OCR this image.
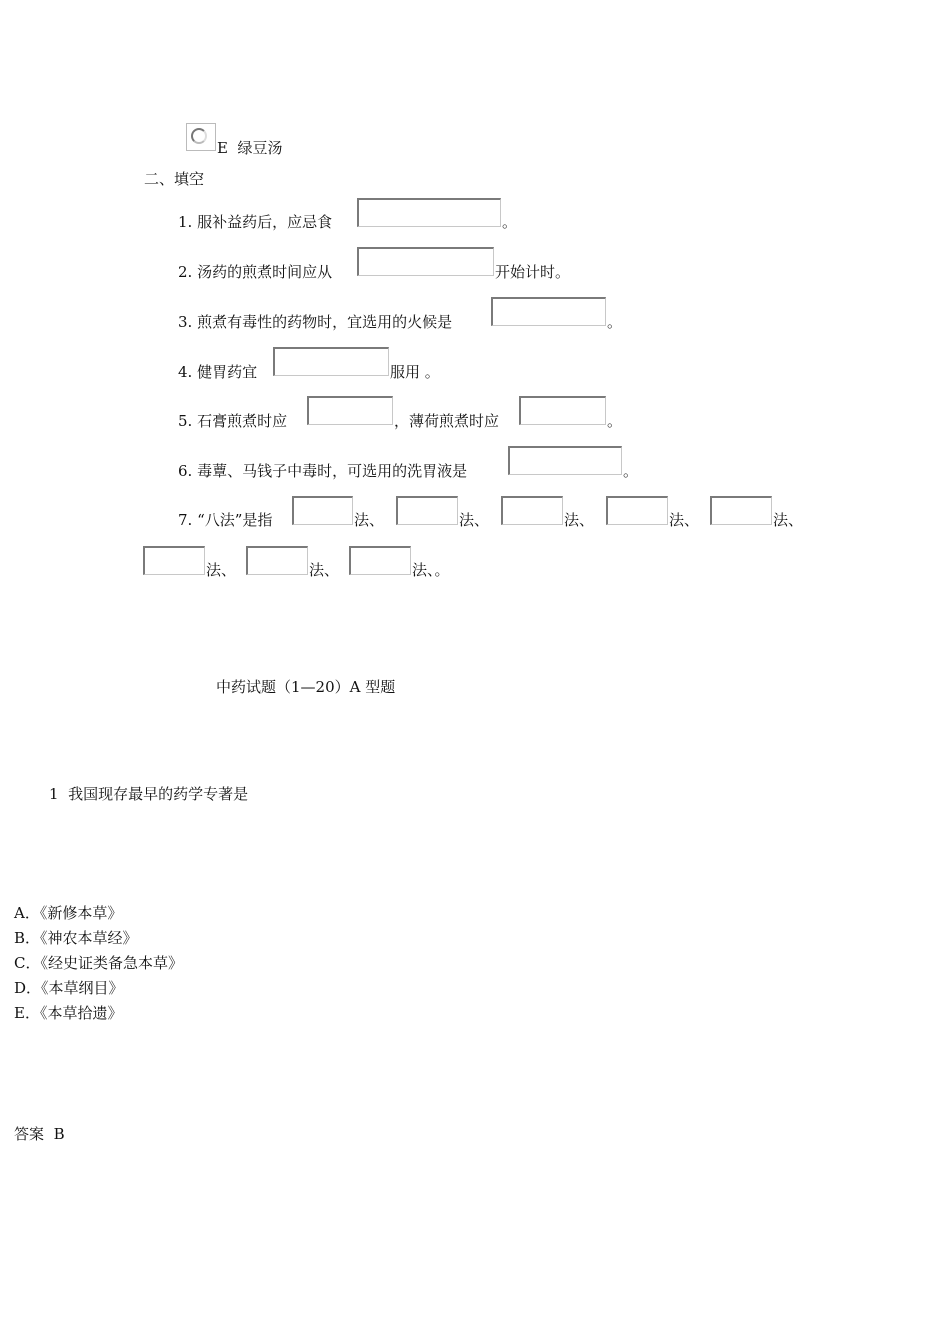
E 绿豆汤
二、填空
1. 服补益药后，应忌食	。
2. 汤药的煎煮时间应从	开始计时。
3. 煎煮有毒性的药物时，宜选用的火候是	。
4. 健胃药宜	服用 。
5. 石膏煎煮时应	，薄荷煎煮时应	。
6. 毒蕈、马钱子中毒时，可选用的洗胃液是	。
7. “八法”是指	法、	法、	法、	法、	法、
法、	法、	法、。
中药试题（1—20）A 型题
1 我国现存最早的药学专著是
A．《新修本草》
B．《神农本草经》
C．《经史证类备急本草》
D．《本草纲目》
E．《本草拾遗》
答案 B
